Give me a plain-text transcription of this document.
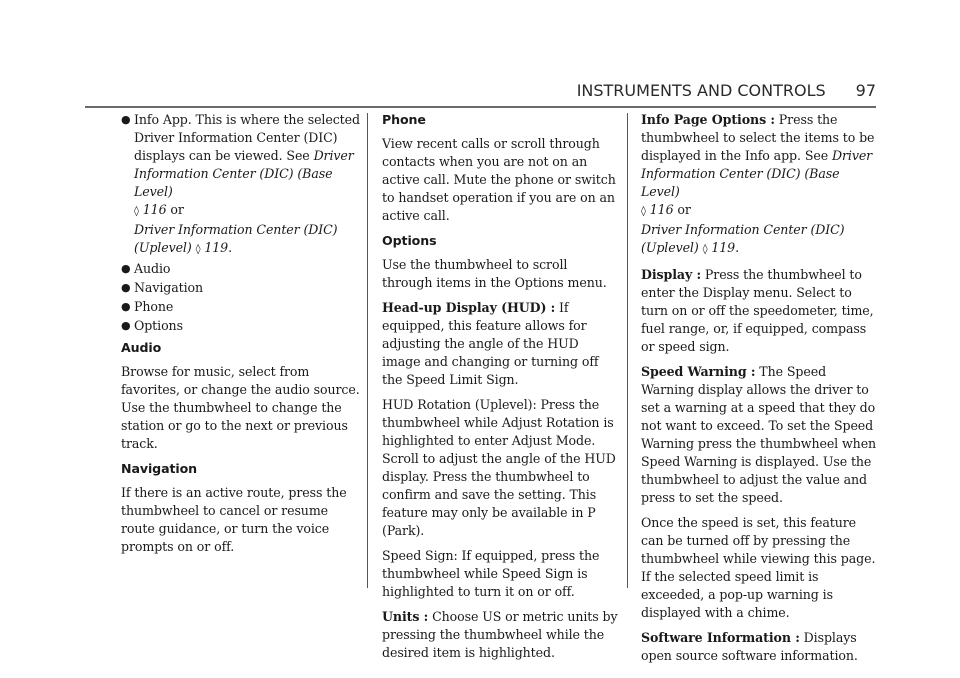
INSTRUMENTS AND CONTROLS 97
● Info App. This is where the selected Driver Information Center (DIC) displays can be viewed. See Driver Information Center (DIC) (Base Level)
◊ 116 or
Driver Information Center (DIC) (Uplevel) ◊ 119.
● Audio
● Navigation
● Phone
● Options
Audio

Browse for music, select from favorites, or change the audio source. Use the thumbwheel to change the station or go to the next or previous track.

Navigation

If there is an active route, press the thumbwheel to cancel or resume route guidance, or turn the voice prompts on or off.

Phone

View recent calls or scroll through contacts when you are not on an active call. Mute the phone or switch to handset operation if you are on an active call.

Options

Use the thumbwheel to scroll through items in the Options menu.

Head-up Display (HUD) : If equipped, this feature allows for adjusting the angle of the HUD image and changing or turning off the Speed Limit Sign.

HUD Rotation (Uplevel): Press the thumbwheel while Adjust Rotation is highlighted to enter Adjust Mode. Scroll to adjust the angle of the HUD display. Press the thumbwheel to confirm and save the setting. This feature may only be available in P (Park).

Speed Sign: If equipped, press the thumbwheel while Speed Sign is highlighted to turn it on or off.

Units : Choose US or metric units by pressing the thumbwheel while the desired item is highlighted.

Info Page Options : Press the thumbwheel to select the items to be displayed in the Info app. See Driver Information Center (DIC) (Base Level)
◊ 116 or
Driver Information Center (DIC) (Uplevel) ◊ 119.

Display : Press the thumbwheel to enter the Display menu. Select to turn on or off the speedometer, time, fuel range, or, if equipped, compass or speed sign.

Speed Warning : The Speed Warning display allows the driver to set a warning at a speed that they do not want to exceed. To set the Speed Warning press the thumbwheel when Speed Warning is displayed. Use the thumbwheel to adjust the value and press to set the speed.

Once the speed is set, this feature can be turned off by pressing the thumbwheel while viewing this page. If the selected speed limit is exceeded, a pop-up warning is displayed with a chime.

Software Information : Displays open source software information.
